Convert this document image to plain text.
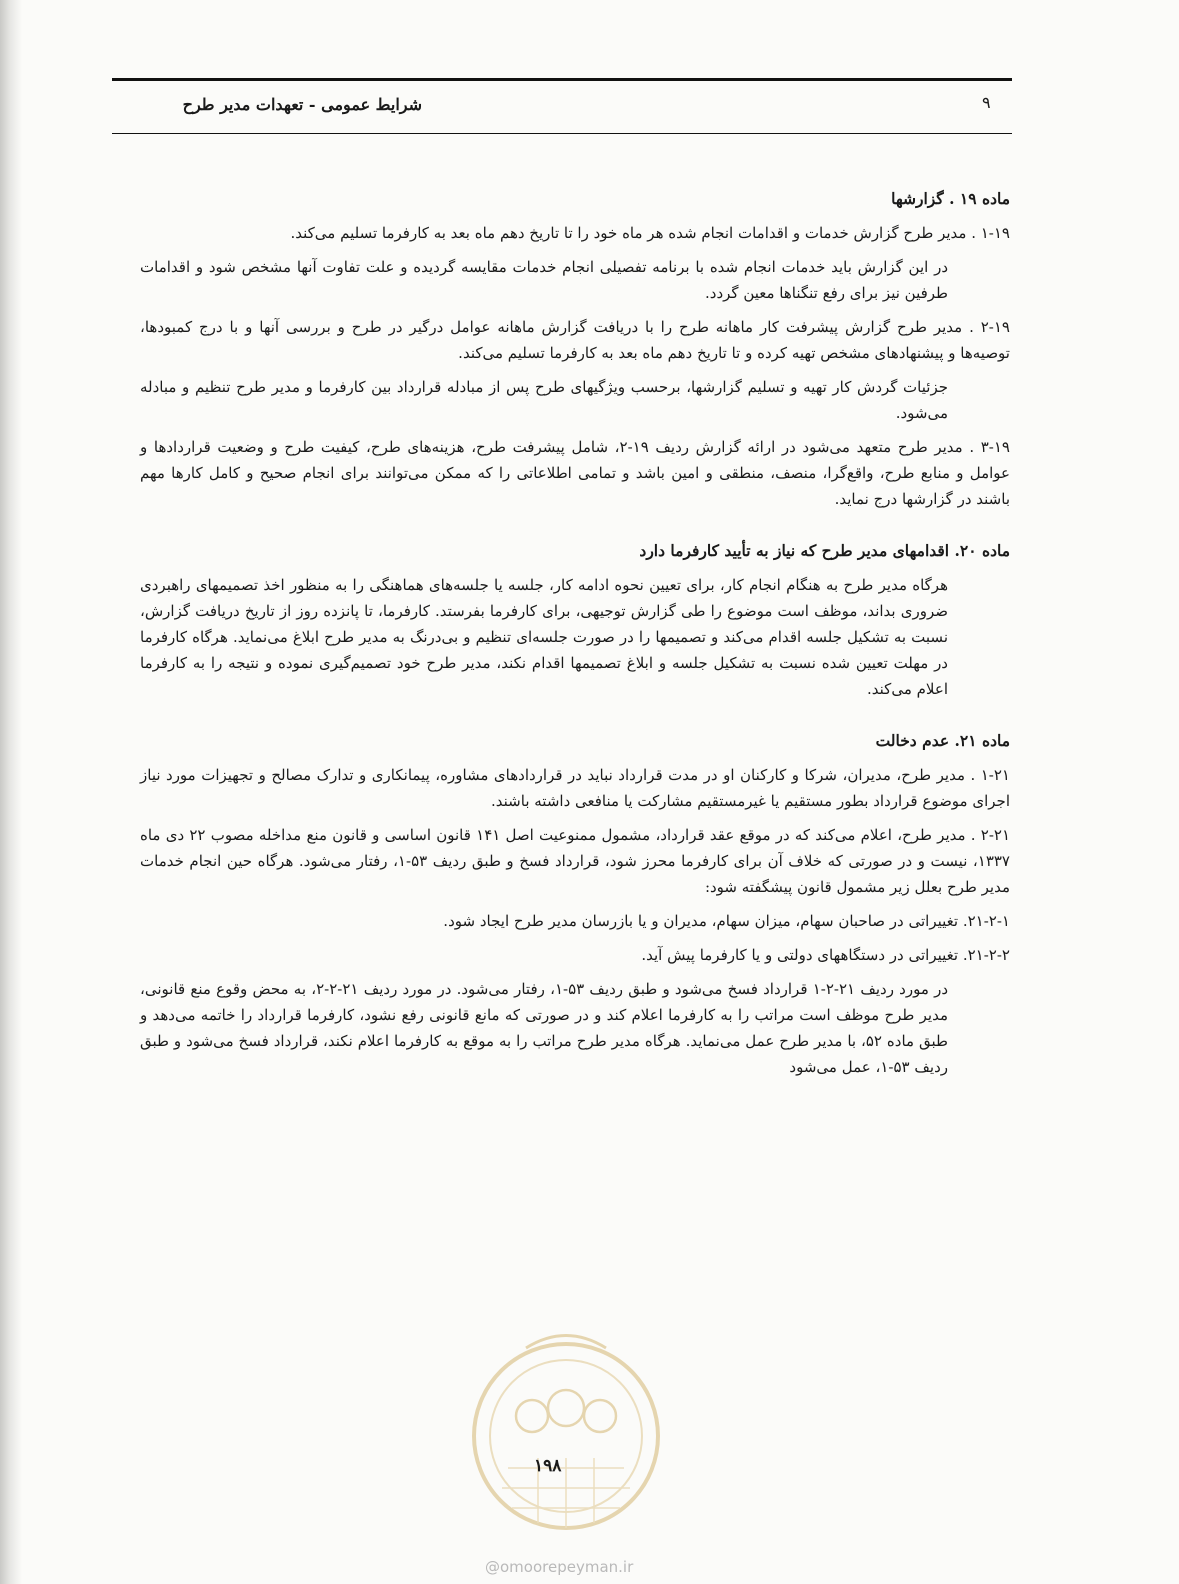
شرایط عمومی - تعهدات مدیر طرح	۹
ماده ۱۹ . گزارشها

۱-۱۹ . مدیر طرح گزارش خدمات و اقدامات انجام شده هر ماه خود را تا تاریخ دهم ماه بعد به کارفرما تسلیم می‌کند.

در این گزارش باید خدمات انجام شده با برنامه تفصیلی انجام خدمات مقایسه گردیده و علت تفاوت آنها مشخص شود و اقدامات طرفین نیز برای رفع تنگناها معین گردد.

۲-۱۹ . مدیر طرح گزارش پیشرفت کار ماهانه طرح را با دریافت گزارش ماهانه عوامل درگیر در طرح و بررسی آنها و با درج کمبودها، توصیه‌ها و پیشنهادهای مشخص تهیه کرده و تا تاریخ دهم ماه بعد به کارفرما تسلیم می‌کند.

جزئیات گردش کار تهیه و تسلیم گزارشها، برحسب ویژگیهای طرح پس از مبادله قرارداد بین کارفرما و مدیر طرح تنظیم و مبادله می‌شود.

۳-۱۹ . مدیر طرح متعهد می‌شود در ارائه گزارش ردیف ۱۹-۲، شامل پیشرفت طرح، هزینه‌های طرح، کیفیت طرح و وضعیت قراردادها و عوامل و منابع طرح، واقع‌گرا، منصف، منطقی و امین باشد و تمامی اطلاعاتی را که ممکن می‌توانند برای انجام صحیح و کامل کارها مهم باشند در گزارشها درج نماید.

ماده ۲۰. اقدامهای مدیر طرح که نیاز به تأیید کارفرما دارد

هرگاه مدیر طرح به هنگام انجام کار، برای تعیین نحوه ادامه کار، جلسه یا جلسه‌های هماهنگی را به منظور اخذ تصمیمهای راهبردی ضروری بداند، موظف است موضوع را طی گزارش توجیهی، برای کارفرما بفرستد. کارفرما، تا پانزده روز از تاریخ دریافت گزارش، نسبت به تشکیل جلسه اقدام می‌کند و تصمیمها را در صورت جلسه‌ای تنظیم و بی‌درنگ به مدیر طرح ابلاغ می‌نماید. هرگاه کارفرما در مهلت تعیین شده نسبت به تشکیل جلسه و ابلاغ تصمیمها اقدام نکند، مدیر طرح خود تصمیم‌گیری نموده و نتیجه را به کارفرما اعلام می‌کند.

ماده ۲۱. عدم دخالت

۱-۲۱ . مدیر طرح، مدیران، شرکا و کارکنان او در مدت قرارداد نباید در قراردادهای مشاوره، پیمانکاری و تدارک مصالح و تجهیزات مورد نیاز اجرای موضوع قرارداد بطور مستقیم یا غیرمستقیم مشارکت یا منافعی داشته باشند.

۲-۲۱ . مدیر طرح، اعلام می‌کند که در موقع عقد قرارداد، مشمول ممنوعیت اصل ۱۴۱ قانون اساسی و قانون منع مداخله مصوب ۲۲ دی ماه ۱۳۳۷، نیست و در صورتی که خلاف آن برای کارفرما محرز شود، قرارداد فسخ و طبق ردیف ۵۳-۱، رفتار می‌شود. هرگاه حین انجام خدمات مدیر طرح بعلل زیر مشمول قانون پیشگفته شود:

۲۱-۲-۱. تغییراتی در صاحبان سهام، میزان سهام، مدیران و یا بازرسان مدیر طرح ایجاد شود.

۲۱-۲-۲. تغییراتی در دستگاههای دولتی و یا کارفرما پیش آید.

در مورد ردیف ۲۱-۲-۱ قرارداد فسخ می‌شود و طبق ردیف ۵۳-۱، رفتار می‌شود. در مورد ردیف ۲۱-۲-۲، به محض وقوع منع قانونی، مدیر طرح موظف است مراتب را به کارفرما اعلام کند و در صورتی که مانع قانونی رفع نشود، کارفرما قرارداد را خاتمه می‌دهد و طبق ماده ۵۲، با مدیر طرح عمل می‌نماید. هرگاه مدیر طرح مراتب را به موقع به کارفرما اعلام نکند، قرارداد فسخ می‌شود و طبق ردیف ۵۳-۱، عمل می‌شود

۱۹۸
@omoorepeyman.ir
